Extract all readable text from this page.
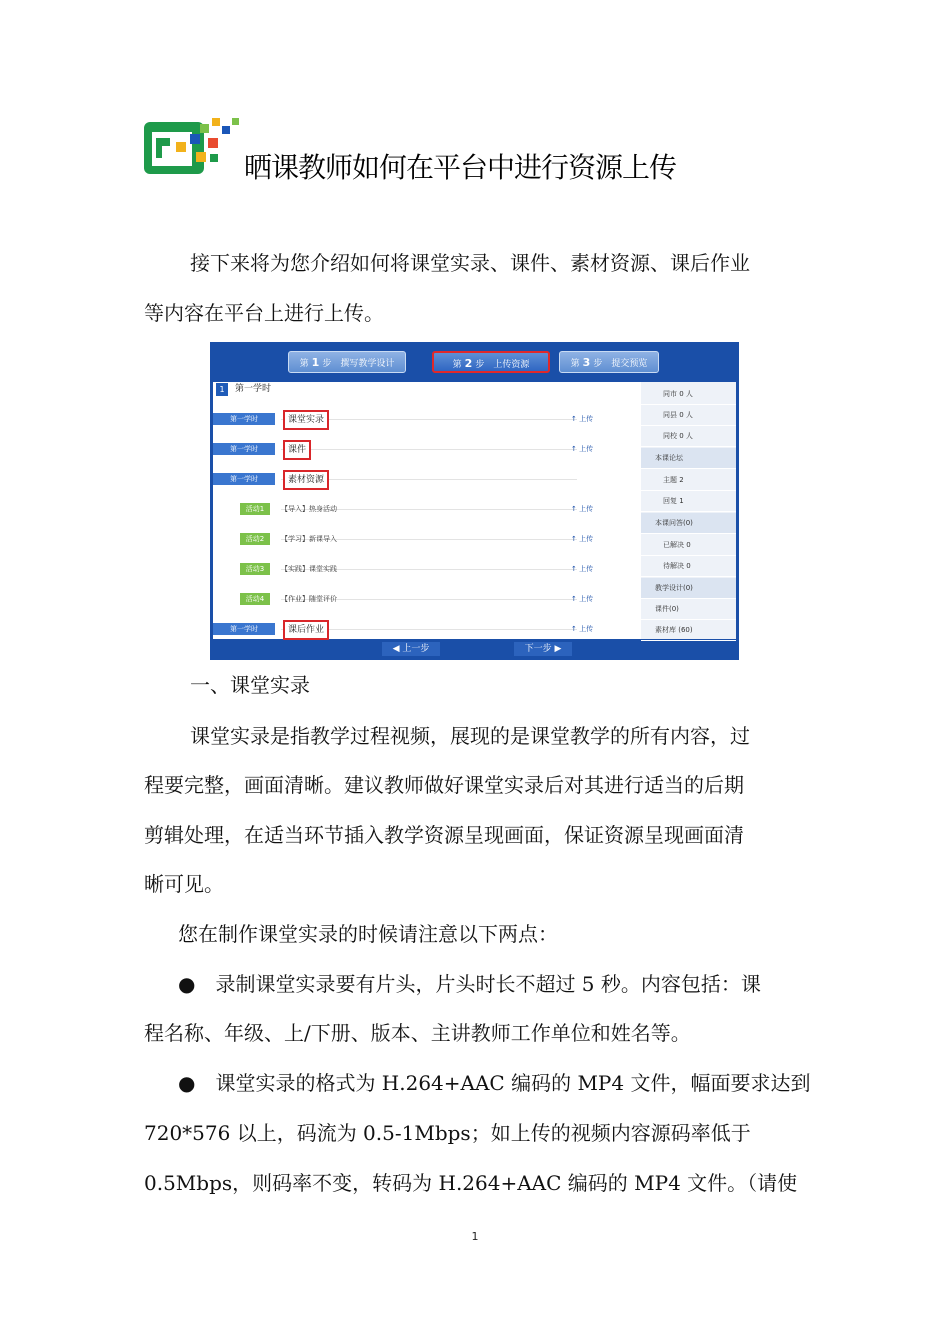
晒课教师如何在平台中进行资源上传
接下来将为您介绍如何将课堂实录、课件、素材资源、课后作业
等内容在平台上进行上传。
第 1 步　 撰写教学设计	第 2 步　 上传资源	第 3 步　 提交预览
1	第一学时
第一学时	课堂实录	↑ 上传
第一学时	课件	↑ 上传
第一学时	素材资源
活动1	【导入】热身活动	↑ 上传
活动2	【学习】新课导入	↑ 上传
活动3	【实践】课堂实践	↑ 上传
活动4	【作业】随堂评价	↑ 上传
第一学时	课后作业	↑ 上传
同市 0 人
同县 0 人
同校 0 人
本课论坛
主题 2
回复 1
本课问答(0)
已解决 0
待解决 0
教学设计(0)
课件(0)
素材库 (60)
◀ 上一步	下一步 ▶
一、课堂实录
课堂实录是指教学过程视频，展现的是课堂教学的所有内容，过
程要完整，画面清晰。建议教师做好课堂实录后对其进行适当的后期
剪辑处理，在适当环节插入教学资源呈现画面，保证资源呈现画面清
晰可见。
您在制作课堂实录的时候请注意以下两点：
●　录制课堂实录要有片头，片头时长不超过 5 秒。内容包括：课
程名称、年级、上/下册、版本、主讲教师工作单位和姓名等。
●　课堂实录的格式为 H.264+AAC 编码的 MP4 文件，幅面要求达到
720*576 以上，码流为 0.5-1Mbps；如上传的视频内容源码率低于
0.5Mbps，则码率不变，转码为 H.264+AAC 编码的 MP4 文件。（请使
1
